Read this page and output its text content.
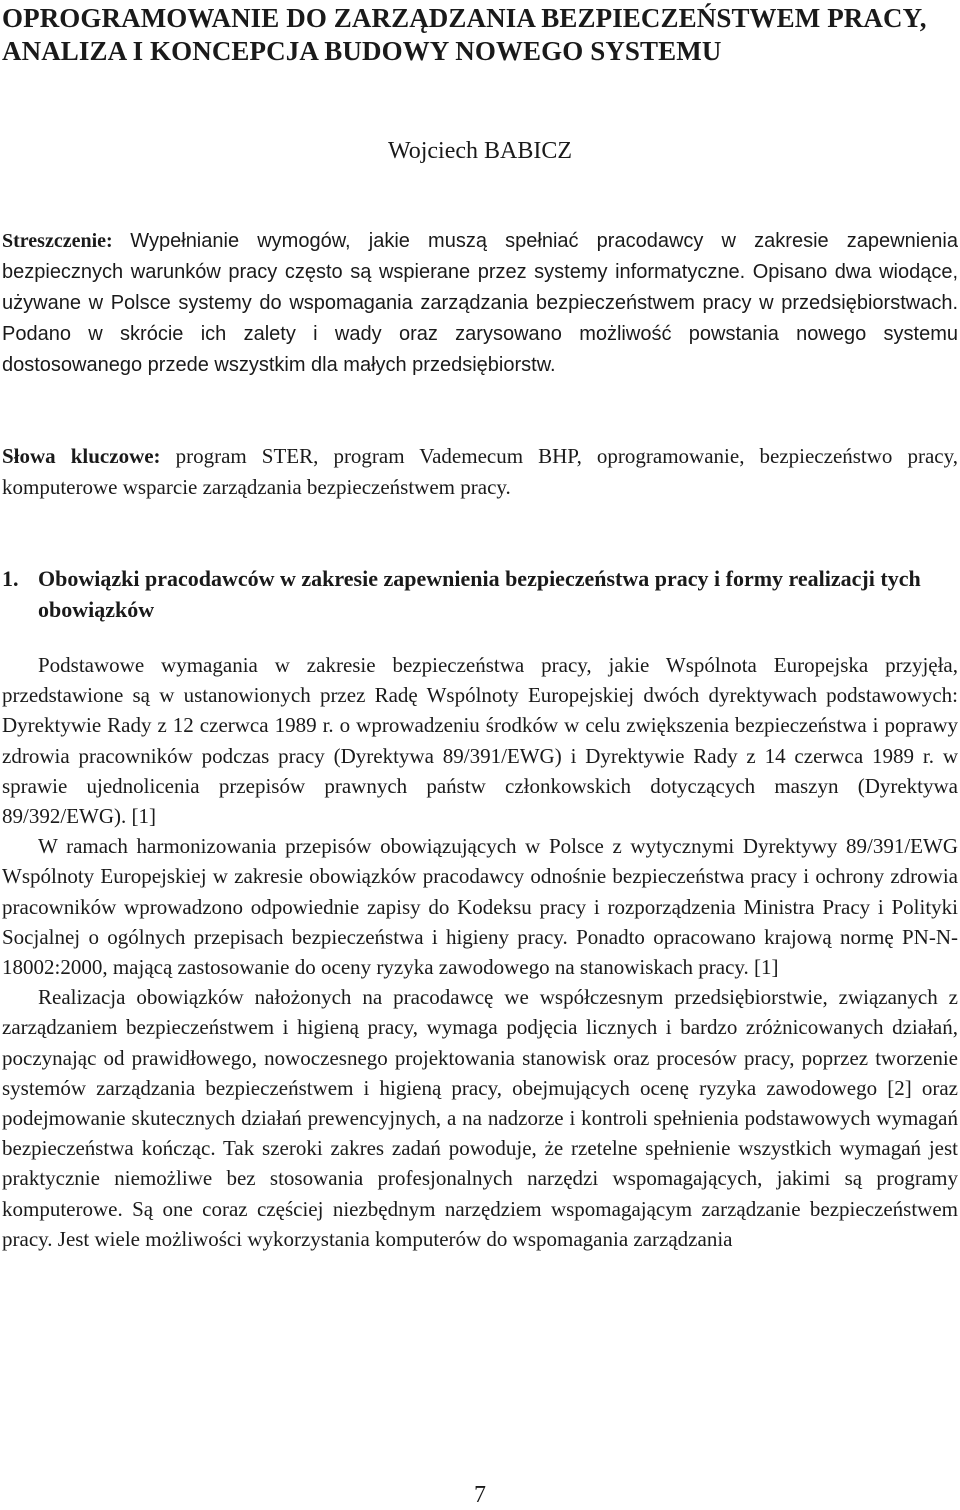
OPROGRAMOWANIE DO ZARZĄDZANIA BEZPIECZEŃSTWEM PRACY, ANALIZA I KONCEPCJA BUDOWY NOWEGO SYSTEMU

Wojciech BABICZ

Streszczenie: Wypełnianie wymogów, jakie muszą spełniać pracodawcy w zakresie zapewnienia bezpiecznych warunków pracy często są wspierane przez systemy informatyczne. Opisano dwa wiodące, używane w Polsce systemy do wspomagania zarządzania bezpieczeństwem pracy w przedsiębiorstwach. Podano w skrócie ich zalety i wady oraz zarysowano możliwość powstania nowego systemu dostosowanego przede wszystkim dla małych przedsiębiorstw.

Słowa kluczowe: program STER, program Vademecum BHP, oprogramowanie, bezpieczeństwo pracy, komputerowe wsparcie zarządzania bezpieczeństwem pracy.

1. Obowiązki pracodawców w zakresie zapewnienia bezpieczeństwa pracy i formy realizacji tych obowiązków

Podstawowe wymagania w zakresie bezpieczeństwa pracy, jakie Wspólnota Europejska przyjęła, przedstawione są w ustanowionych przez Radę Wspólnoty Europejskiej dwóch dyrektywach podstawowych: Dyrektywie Rady z 12 czerwca 1989 r. o wprowadzeniu środków w celu zwiększenia bezpieczeństwa i poprawy zdrowia pracowników podczas pracy (Dyrektywa 89/391/EWG) i Dyrektywie Rady z 14 czerwca 1989 r. w sprawie ujednolicenia przepisów prawnych państw członkowskich dotyczących maszyn (Dyrektywa 89/392/EWG). [1]

W ramach harmonizowania przepisów obowiązujących w Polsce z wytycznymi Dyrektywy 89/391/EWG Wspólnoty Europejskiej w zakresie obowiązków pracodawcy odnośnie bezpieczeństwa pracy i ochrony zdrowia pracowników wprowadzono odpowiednie zapisy do Kodeksu pracy i rozporządzenia Ministra Pracy i Polityki Socjalnej o ogólnych przepisach bezpieczeństwa i higieny pracy. Ponadto opracowano krajową normę PN-N-18002:2000, mającą zastosowanie do oceny ryzyka zawodowego na stanowiskach pracy. [1]

Realizacja obowiązków nałożonych na pracodawcę we współczesnym przedsiębiorstwie, związanych z zarządzaniem bezpieczeństwem i higieną pracy, wymaga podjęcia licznych i bardzo zróżnicowanych działań, poczynając od prawidłowego, nowoczesnego projektowania stanowisk oraz procesów pracy, poprzez tworzenie systemów zarządzania bezpieczeństwem i higieną pracy, obejmujących ocenę ryzyka zawodowego [2] oraz podejmowanie skutecznych działań prewencyjnych, a na nadzorze i kontroli spełnienia podstawowych wymagań bezpieczeństwa kończąc. Tak szeroki zakres zadań powoduje, że rzetelne spełnienie wszystkich wymagań jest praktycznie niemożliwe bez stosowania profesjonalnych narzędzi wspomagających, jakimi są programy komputerowe. Są one coraz częściej niezbędnym narzędziem wspomagającym zarządzanie bezpieczeństwem pracy. Jest wiele możliwości wykorzystania komputerów do wspomagania zarządzania

7
